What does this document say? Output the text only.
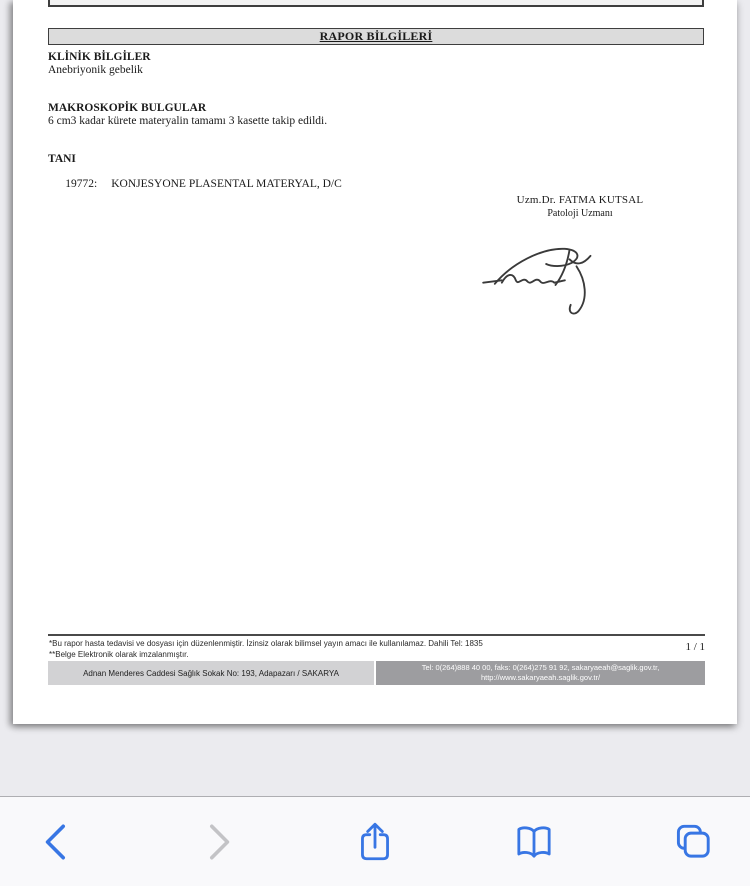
RAPOR BİLGİLERİ
KLİNİK BİLGİLER
Anebriyonik gebelik
MAKROSKOPİK BULGULAR
6 cm3 kadar kürete materyalin tamamı 3 kasette takip edildi.
TANI

19772: KONJESYONE PLASENTAL MATERYAL, D/C

Uzm.Dr. FATMA KUTSAL
Patoloji Uzmanı
*Bu rapor hasta tedavisi ve dosyası için düzenlenmiştir. İzinsiz olarak bilimsel yayın amacı ile kullanılamaz. Dahili Tel: 1835
**Belge Elektronik olarak imzalanmıştır.
1 / 1
Adnan Menderes Caddesi Sağlık Sokak No: 193, Adapazarı / SAKARYA
Tel: 0(264)888 40 00, faks: 0(264)275 91 92, sakaryaeah@saglik.gov.tr,
http://www.sakaryaeah.saglik.gov.tr/
